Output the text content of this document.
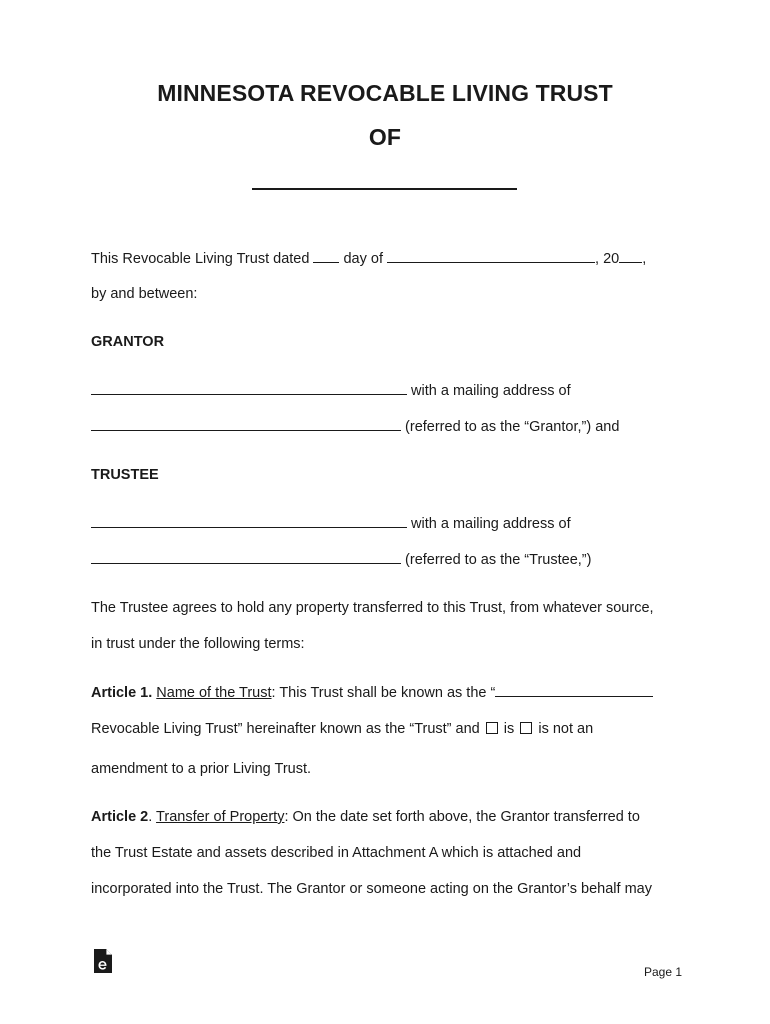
MINNESOTA REVOCABLE LIVING TRUST
OF

This Revocable Living Trust dated day of	, 20 ,

by and between:

GRANTOR

with a mailing address of

(referred to as the “Grantor,”) and

TRUSTEE

with a mailing address of

(referred to as the “Trustee,”)

The Trustee agrees to hold any property transferred to this Trust, from whatever source,

in trust under the following terms:

Article 1. Name of the Trust: This Trust shall be known as the “

Revocable Living Trust” hereinafter known as the “Trust” and is is not an

amendment to a prior Living Trust.

Article 2. Transfer of Property: On the date set forth above, the Grantor transferred to

the Trust Estate and assets described in Attachment A which is attached and

incorporated into the Trust. The Grantor or someone acting on the Grantor’s behalf may

Page 1
